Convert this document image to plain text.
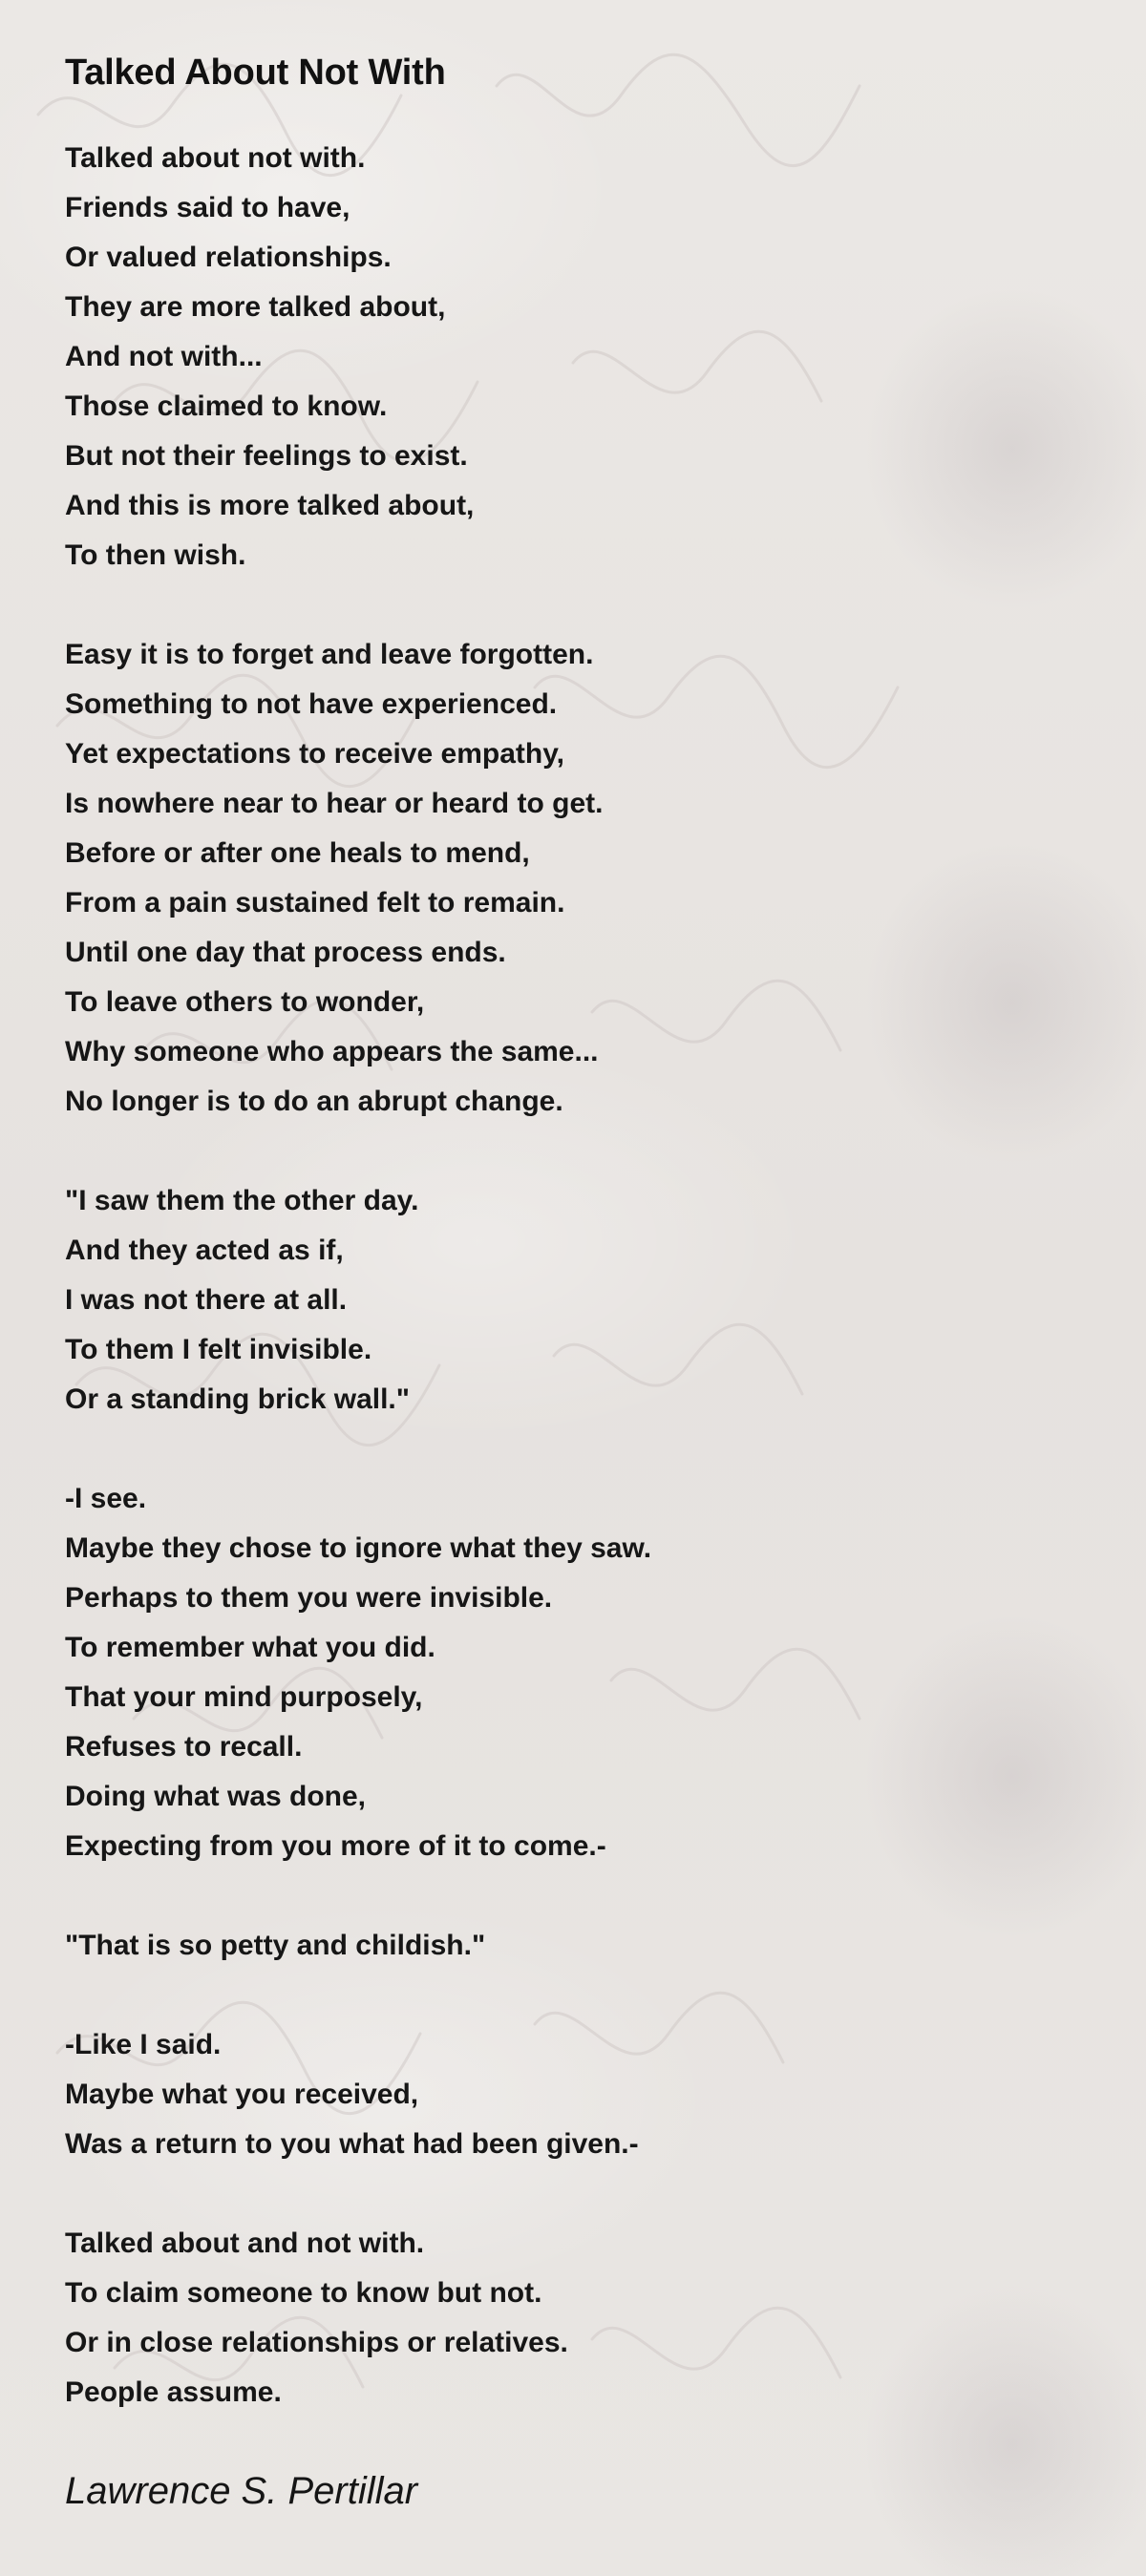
Talked About Not With
Talked about not with.
Friends said to have,
Or valued relationships.
They are more talked about,
And not with...
Those claimed to know.
But not their feelings to exist.
And this is more talked about,
To then wish.
Easy it is to forget and leave forgotten.
Something to not have experienced.
Yet expectations to receive empathy,
Is nowhere near to hear or heard to get.
Before or after one heals to mend,
From a pain sustained felt to remain.
Until one day that process ends.
To leave others to wonder,
Why someone who appears the same...
No longer is to do an abrupt change.
"I saw them the other day.
And they acted as if,
I was not there at all.
To them I felt invisible.
Or a standing brick wall."
-I see.
Maybe they chose to ignore what they saw.
Perhaps to them you were invisible.
To remember what you did.
That your mind purposely,
Refuses to recall.
Doing what was done,
Expecting from you more of it to come.-
"That is so petty and childish."
-Like I said.
Maybe what you received,
Was a return to you what had been given.-
Talked about and not with.
To claim someone to know but not.
Or in close relationships or relatives.
People assume.
Lawrence S. Pertillar
